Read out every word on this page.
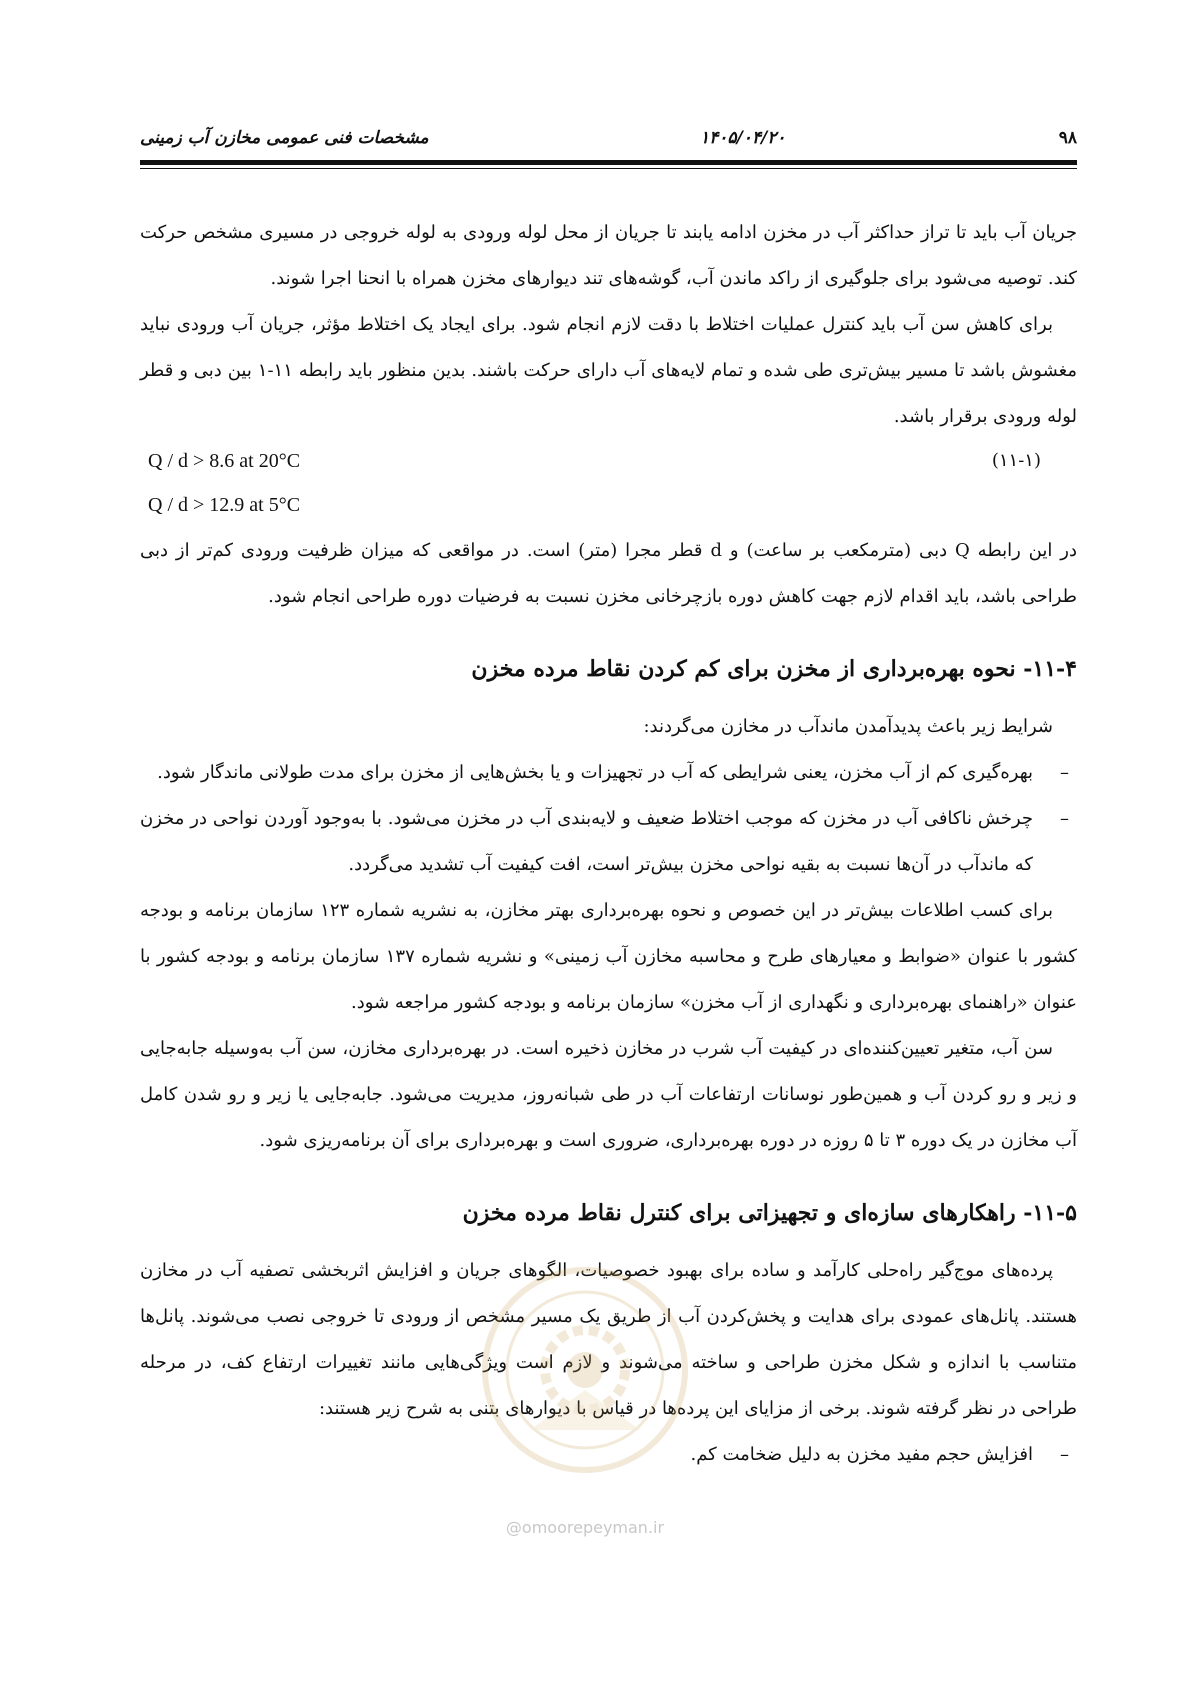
مشخصات فنی عمومی مخازن آب زمینی	۱۴۰۵/۰۴/۲۰	۹۸

جریان آب باید تا تراز حداکثر آب در مخزن ادامه یابند تا جریان از محل لوله ورودی به لوله خروجی در مسیری مشخص حرکت کند. توصیه می‌شود برای جلوگیری از راکد ماندن آب، گوشه‌های تند دیوارهای مخزن همراه با انحنا اجرا شوند.

برای کاهش سن آب باید کنترل عملیات اختلاط با دقت لازم انجام شود. برای ایجاد یک اختلاط مؤثر، جریان آب ورودی نباید مغشوش باشد تا مسیر بیش‌تری طی شده و تمام لایه‌های آب دارای حرکت باشند. بدین منظور باید رابطه ۱۱-۱ بین دبی و قطر لوله ورودی برقرار باشد.

Q / d > 8.6 at 20°C	(۱۱-۱)
Q / d > 12.9 at 5°C

در این رابطه Q دبی (مترمکعب بر ساعت) و d قطر مجرا (متر) است. در مواقعی که میزان ظرفیت ورودی کم‌تر از دبی طراحی باشد، باید اقدام لازم جهت کاهش دوره بازچرخانی مخزن نسبت به فرضیات دوره طراحی انجام شود.

۱۱-۴- نحوه بهره‌برداری از مخزن برای کم کردن نقاط مرده مخزن

شرایط زیر باعث پدیدآمدن ماندآب در مخازن می‌گردند:

–
بهره‌گیری کم از آب مخزن، یعنی شرایطی که آب در تجهیزات و یا بخش‌هایی از مخزن برای مدت طولانی ماندگار شود.
–
چرخش ناکافی آب در مخزن که موجب اختلاط ضعیف و لایه‌بندی آب در مخزن می‌شود. با به‌وجود آوردن نواحی در مخزن که ماندآب در آن‌ها نسبت به بقیه نواحی مخزن بیش‌تر است، افت کیفیت آب تشدید می‌گردد.

برای کسب اطلاعات بیش‌تر در این خصوص و نحوه بهره‌برداری بهتر مخازن، به نشریه شماره ۱۲۳ سازمان برنامه و بودجه کشور با عنوان «ضوابط و معیارهای طرح و محاسبه مخازن آب زمینی» و نشریه شماره ۱۳۷ سازمان برنامه و بودجه کشور با عنوان «راهنمای بهره‌برداری و نگهداری از آب مخزن» سازمان برنامه و بودجه کشور مراجعه شود.

سن آب، متغیر تعیین‌کننده‌ای در کیفیت آب شرب در مخازن ذخیره است. در بهره‌برداری مخازن، سن آب به‌وسیله جابه‌جایی و زیر و رو کردن آب و همین‌طور نوسانات ارتفاعات آب در طی شبانه‌روز، مدیریت می‌شود. جابه‌جایی یا زیر و رو شدن کامل آب مخازن در یک دوره ۳ تا ۵ روزه در دوره بهره‌برداری، ضروری است و بهره‌برداری برای آن برنامه‌ریزی شود.

۱۱-۵- راهکارهای سازه‌ای و تجهیزاتی برای کنترل نقاط مرده مخزن

پرده‌های موج‌گیر راه‌حلی کارآمد و ساده برای بهبود خصوصیات، الگوهای جریان و افزایش اثربخشی تصفیه آب در مخازن هستند. پانل‌های عمودی برای هدایت و پخش‌کردن آب از طریق یک مسیر مشخص از ورودی تا خروجی نصب می‌شوند. پانل‌ها متناسب با اندازه و شکل مخزن طراحی و ساخته می‌شوند و لازم است ویژگی‌هایی مانند تغییرات ارتفاع کف، در مرحله طراحی در نظر گرفته شوند. برخی از مزایای این پرده‌ها در قیاس با دیوارهای بتنی به شرح زیر هستند:

–
افزایش حجم مفید مخزن به دلیل ضخامت کم.
@omoorepeyman.ir
